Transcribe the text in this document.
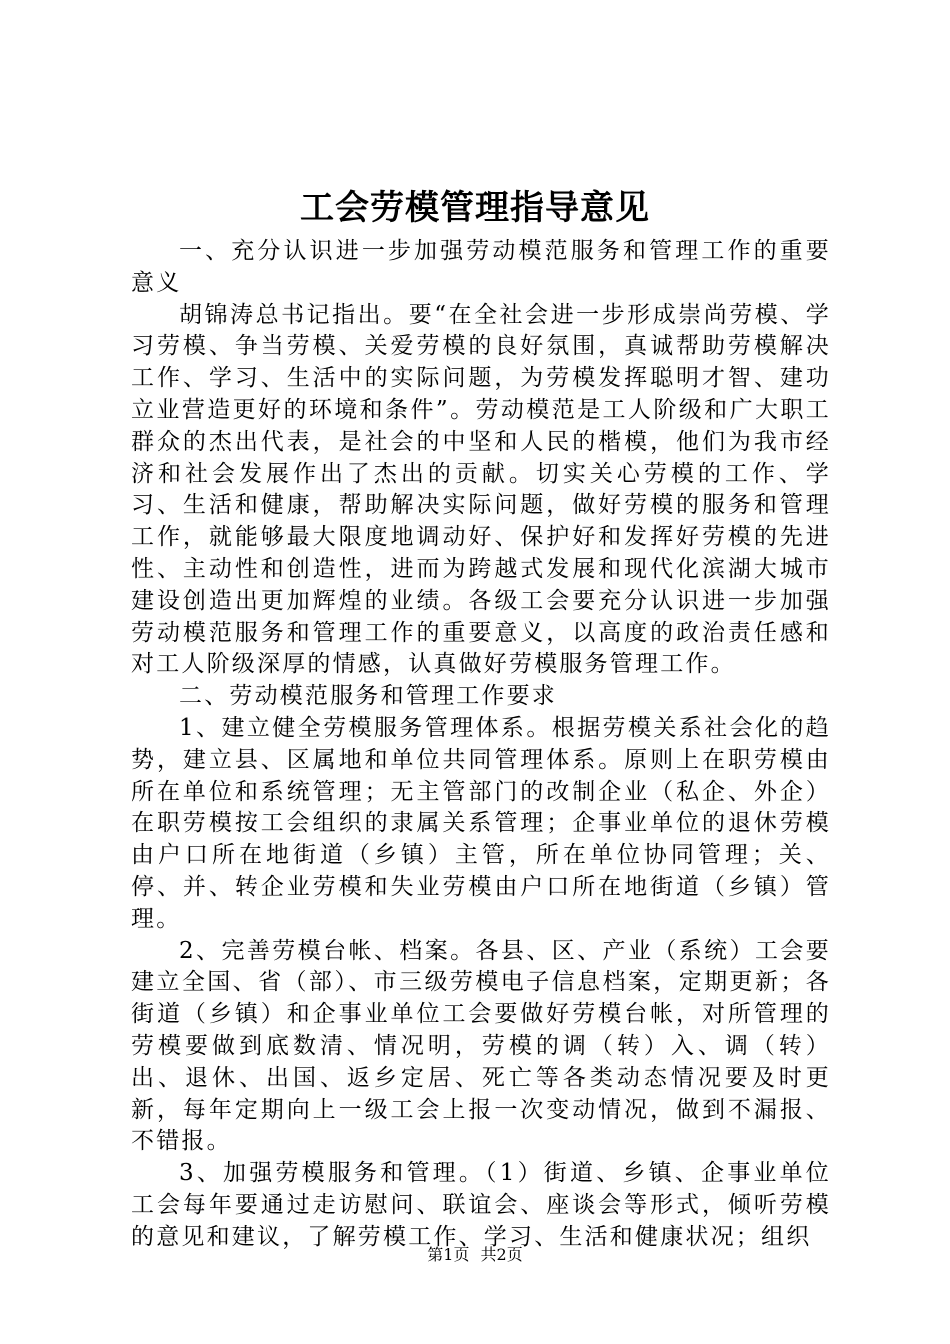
工会劳模管理指导意见

一、充分认识进一步加强劳动模范服务和管理工作的重要意义

胡锦涛总书记指出。要“在全社会进一步形成崇尚劳模、学习劳模、争当劳模、关爱劳模的良好氛围，真诚帮助劳模解决工作、学习、生活中的实际问题，为劳模发挥聪明才智、建功立业营造更好的环境和条件”。劳动模范是工人阶级和广大职工群众的杰出代表，是社会的中坚和人民的楷模，他们为我市经济和社会发展作出了杰出的贡献。切实关心劳模的工作、学习、生活和健康，帮助解决实际问题，做好劳模的服务和管理工作，就能够最大限度地调动好、保护好和发挥好劳模的先进性、主动性和创造性，进而为跨越式发展和现代化滨湖大城市建设创造出更加辉煌的业绩。各级工会要充分认识进一步加强劳动模范服务和管理工作的重要意义，以高度的政治责任感和对工人阶级深厚的情感，认真做好劳模服务管理工作。

二、劳动模范服务和管理工作要求

1、建立健全劳模服务管理体系。根据劳模关系社会化的趋势，建立县、区属地和单位共同管理体系。原则上在职劳模由所在单位和系统管理；无主管部门的改制企业（私企、外企）在职劳模按工会组织的隶属关系管理；企事业单位的退休劳模由户口所在地街道（乡镇）主管，所在单位协同管理；关、停、并、转企业劳模和失业劳模由户口所在地街道（乡镇）管理。

2、完善劳模台帐、档案。各县、区、产业（系统）工会要建立全国、省（部）、市三级劳模电子信息档案，定期更新；各街道（乡镇）和企事业单位工会要做好劳模台帐，对所管理的劳模要做到底数清、情况明，劳模的调（转）入、调（转）出、退休、出国、返乡定居、死亡等各类动态情况要及时更新，每年定期向上一级工会上报一次变动情况，做到不漏报、不错报。

3、加强劳模服务和管理。（1）街道、乡镇、企事业单位工会每年要通过走访慰问、联谊会、座谈会等形式，倾听劳模的意见和建议，了解劳模工作、学习、生活和健康状况；组织

第1页 共2页
